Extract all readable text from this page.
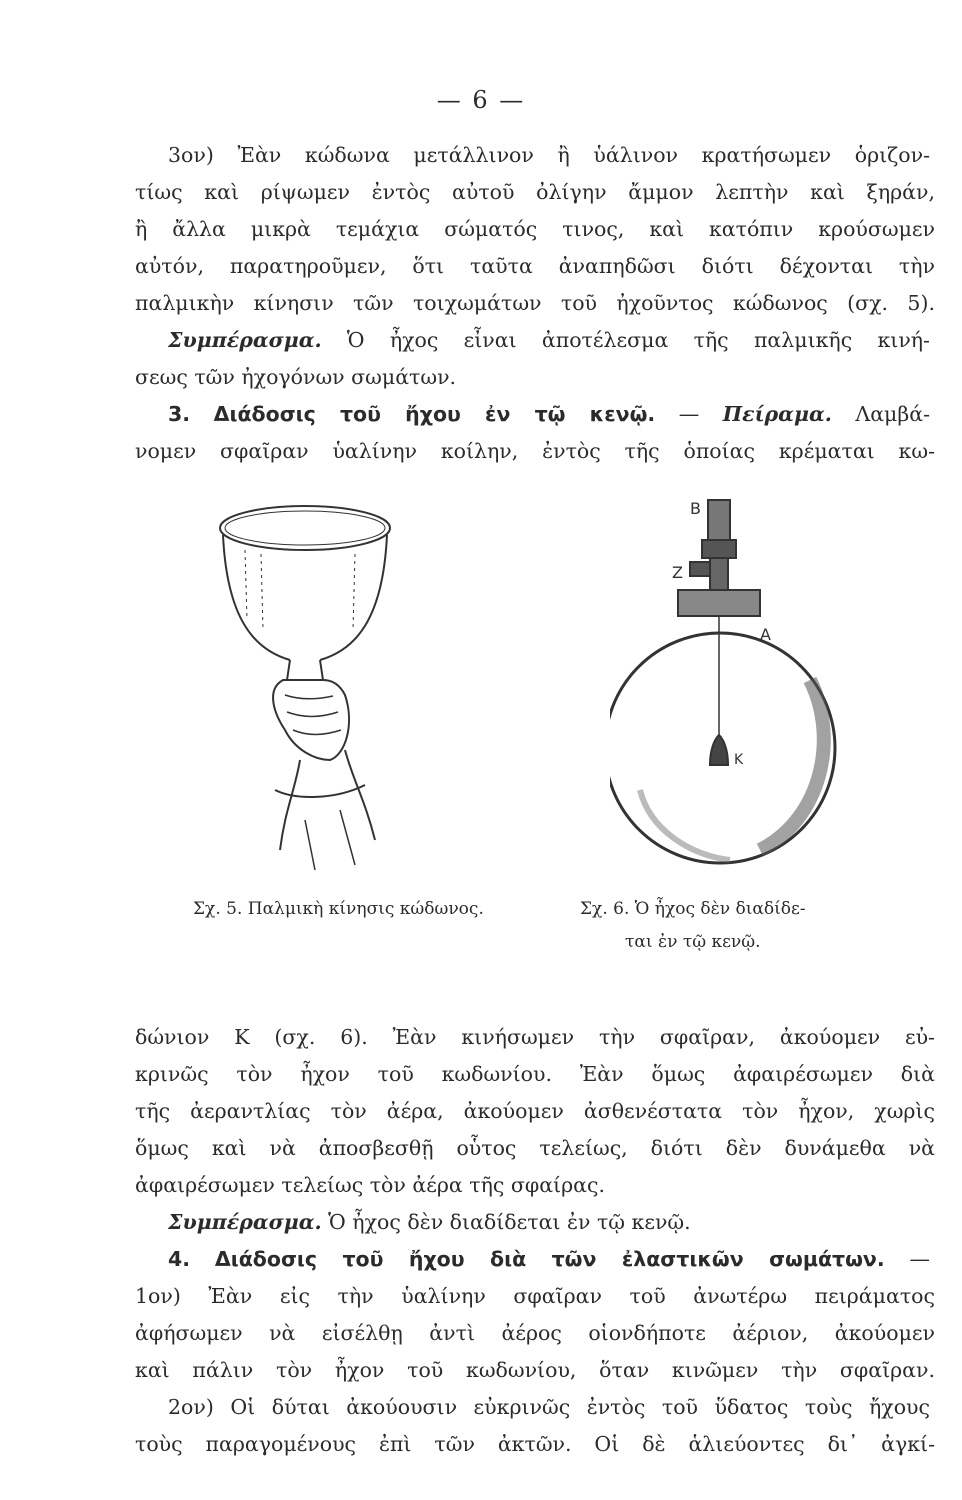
— 6 —
3ον) Ἐὰν κώδωνα μετάλλινον ἢ ὑάλινον κρατήσωμεν ὁριζον-
τίως καὶ ρίψωμεν ἐντὸς αὐτοῦ ὀλίγην ἄμμον λεπτὴν καὶ ξηράν,
ἢ ἄλλα μικρὰ τεμάχια σώματός τινος, καὶ κατόπιν κρούσωμεν
αὐτόν, παρατηροῦμεν, ὅτι ταῦτα ἀναπηδῶσι διότι δέχονται τὴν
παλμικὴν κίνησιν τῶν τοιχωμάτων τοῦ ἠχοῦντος κώδωνος (σχ. 5).
Συμπέρασμα. Ὁ ἦχος εἶναι ἀποτέλεσμα τῆς παλμικῆς κινή-
σεως τῶν ἠχογόνων σωμάτων.
3. Διάδοσις τοῦ ἤχου ἐν τῷ κενῷ. — Πείραμα. Λαμβά-
νομεν σφαῖραν ὑαλίνην κοίλην, ἐντὸς τῆς ὁποίας κρέμαται κω-
B
Z
A
K
Σχ. 5. Παλμικὴ κίνησις κώδωνος.	Σχ. 6. Ὁ ἦχος δὲν διαδίδε-
ται ἐν τῷ κενῷ.
δώνιον Κ (σχ. 6). Ἐὰν κινήσωμεν τὴν σφαῖραν, ἀκούομεν εὐ-
κρινῶς τὸν ἦχον τοῦ κωδωνίου. Ἐὰν ὅμως ἀφαιρέσωμεν διὰ
τῆς ἀεραντλίας τὸν ἀέρα, ἀκούομεν ἀσθενέστατα τὸν ἦχον, χωρὶς
ὅμως καὶ νὰ ἀποσβεσθῇ οὗτος τελείως, διότι δὲν δυνάμεθα νὰ
ἀφαιρέσωμεν τελείως τὸν ἀέρα τῆς σφαίρας.
Συμπέρασμα. Ὁ ἦχος δὲν διαδίδεται ἐν τῷ κενῷ.
4. Διάδοσις τοῦ ἤχου διὰ τῶν ἐλαστικῶν σωμάτων. —
1ον) Ἐὰν εἰς τὴν ὑαλίνην σφαῖραν τοῦ ἀνωτέρω πειράματος
ἀφήσωμεν νὰ εἰσέλθῃ ἀντὶ ἀέρος οἱονδήποτε ἀέριον, ἀκούομεν
καὶ πάλιν τὸν ἦχον τοῦ κωδωνίου, ὅταν κινῶμεν τὴν σφαῖραν.
2ον) Οἱ δύται ἀκούουσιν εὐκρινῶς ἐντὸς τοῦ ὕδατος τοὺς ἤχους
τοὺς παραγομένους ἐπὶ τῶν ἀκτῶν. Οἱ δὲ ἁλιεύοντες δι᾽ ἀγκί-
